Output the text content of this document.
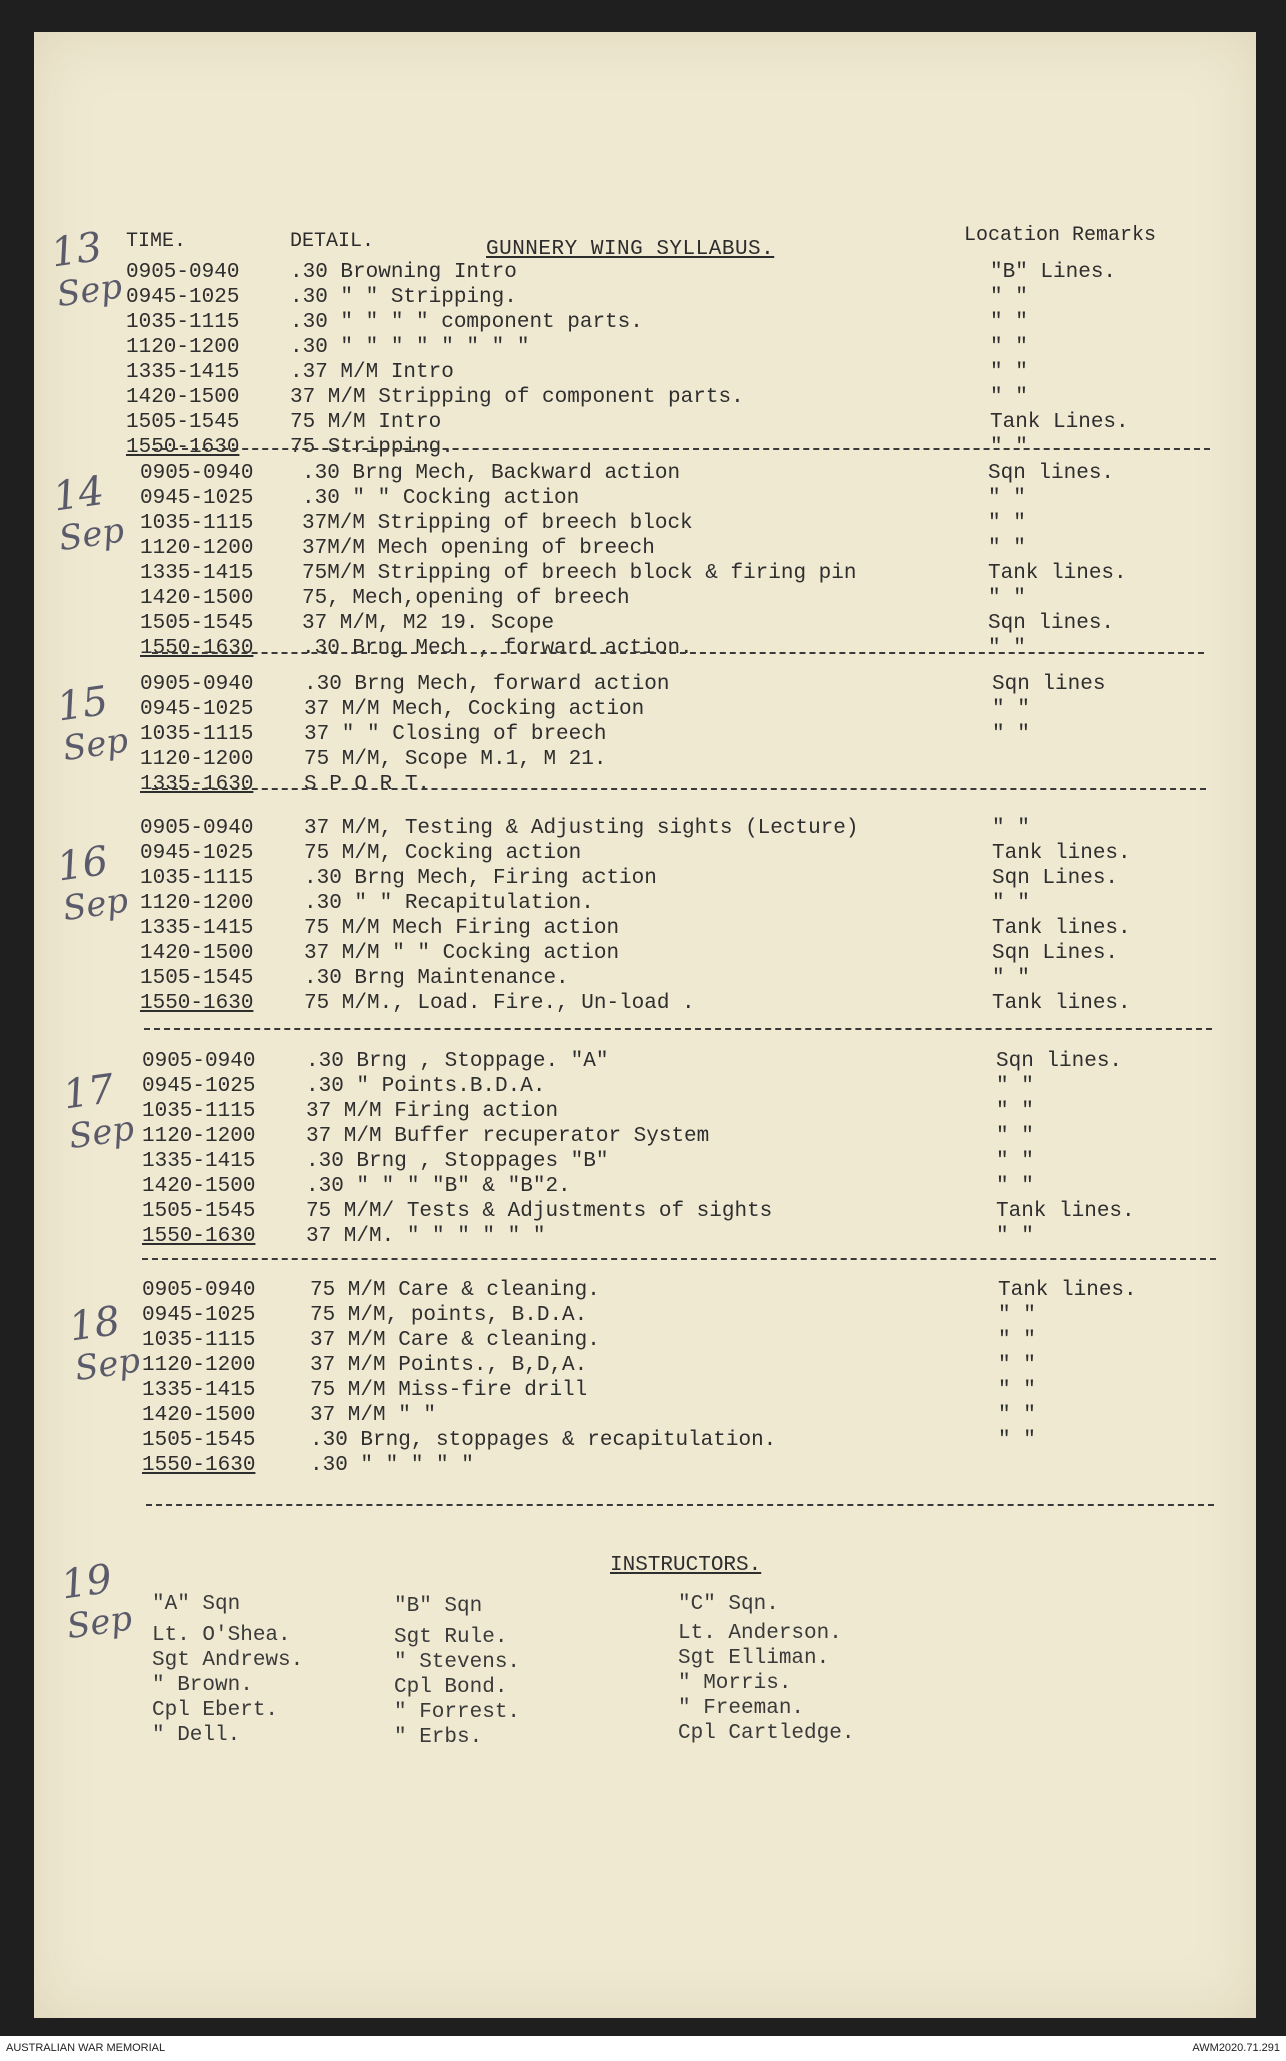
GUNNERY WING SYLLABUS.
TIME.	DETAIL.	Location Remarks
0905-0940 .30 Browning Intro	"B" Lines.
0945-1025 .30 " " Stripping.	" "
1035-1115 .30 " " " " component parts.	" "
1120-1200 .30 " " " " " " " "	" "
1335-1415 .37 M/M Intro	" "
1420-1500 37 M/M Stripping of component parts.	" "
1505-1545 75 M/M Intro	Tank Lines.
1550-1630 75 Stripping.	" "
0905-0940 .30 Brng Mech, Backward action	Sqn lines.
0945-1025 .30 " " Cocking action	" "
1035-1115 37M/M Stripping of breech block	" "
1120-1200 37M/M Mech opening of breech	" "
1335-1415 75M/M Stripping of breech block & firing pin	Tank lines.
1420-1500 75, Mech,opening of breech	" "
1505-1545 37 M/M, M2 19. Scope	Sqn lines.
1550-1630 .30 Brng Mech , forward action.	" "
0905-0940 .30 Brng Mech, forward action	Sqn lines
0945-1025 37 M/M Mech, Cocking action	" "
1035-1115 37 " " Closing of breech	" "
1120-1200 75 M/M, Scope M.1, M 21.
1335-1630 S P O R T.
0905-0940 37 M/M, Testing & Adjusting sights (Lecture)	" "
0945-1025 75 M/M, Cocking action	Tank lines.
1035-1115 .30 Brng Mech, Firing action	Sqn Lines.
1120-1200 .30 " " Recapitulation.	" "
1335-1415 75 M/M Mech Firing action	Tank lines.
1420-1500 37 M/M " " Cocking action	Sqn Lines.
1505-1545 .30 Brng Maintenance.	" "
1550-1630 75 M/M., Load. Fire., Un-load .	Tank lines.
0905-0940 .30 Brng , Stoppage. "A"	Sqn lines.
0945-1025 .30 " Points.B.D.A.	" "
1035-1115 37 M/M Firing action	" "
1120-1200 37 M/M Buffer recuperator System	" "
1335-1415 .30 Brng , Stoppages "B"	" "
1420-1500 .30 " " " "B" & "B"2.	" "
1505-1545 75 M/M/ Tests & Adjustments of sights	Tank lines.
1550-1630 37 M/M. " " " " " "	" "
0905-0940	75 M/M Care & cleaning.	Tank lines.
0945-1025	75 M/M, points, B.D.A.	" "
1035-1115	37 M/M Care & cleaning.	" "
1120-1200	37 M/M Points., B,D,A.	" "
1335-1415	75 M/M Miss-fire drill	" "
1420-1500	37 M/M " "	" "
1505-1545	.30 Brng, stoppages & recapitulation.	" "
1550-1630	.30 " " " " "
19
Sep
INSTRUCTORS.
"A" Sqn
Lt. O'Shea.
Sgt Andrews.
" Brown.
Cpl Ebert.
" Dell.
"B" Sqn
Sgt Rule.
" Stevens.
Cpl Bond.
" Forrest.
" Erbs.
"C" Sqn.
Lt. Anderson.
Sgt Elliman.
" Morris.
" Freeman.
Cpl Cartledge.
13
Sep
14
Sep
15
Sep
16
Sep
17
Sep
18
Sep
AUSTRALIAN WAR MEMORIAL	AWM2020.71.291
